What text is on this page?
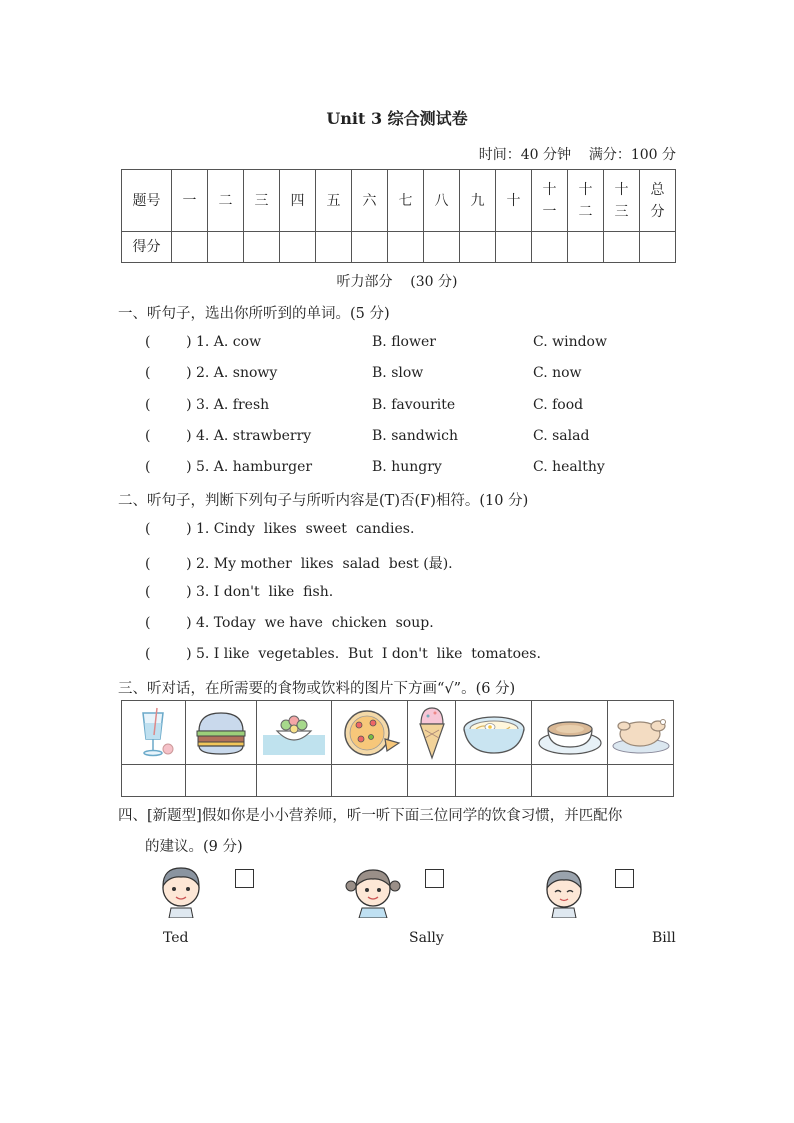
Unit 3 综合测试卷
时间：40 分钟    满分：100 分
题号	一	二	三	四	五	六	七	八	九	十	十一	十二	十三	总分
得分														
听力部分    (30 分)
一、听句子，选出你所听到的单词。(5 分)
(        ) 1. A. cow	B. flower	C. window
(        ) 2. A. snowy	B. slow	C. now
(        ) 3. A. fresh	B. favourite	C. food
(        ) 4. A. strawberry	B. sandwich	C. salad
(        ) 5. A. hamburger	B. hungry	C. healthy
二、听句子，判断下列句子与所听内容是(T)否(F)相符。(10 分)
(        ) 1. Cindy  likes  sweet  candies.
(        ) 2. My mother  likes  salad  best (最).
(        ) 3. I don't  like  fish.
(        ) 4. Today  we have  chicken  soup.
(        ) 5. I like  vegetables.  But  I don't  like  tomatoes.
三、听对话，在所需要的食物或饮料的图片下方画“√”。(6 分)

四、[新题型]假如你是小小营养师，听一听下面三位同学的饮食习惯，并匹配你
的建议。(9 分)
Ted	Sally	Bill
